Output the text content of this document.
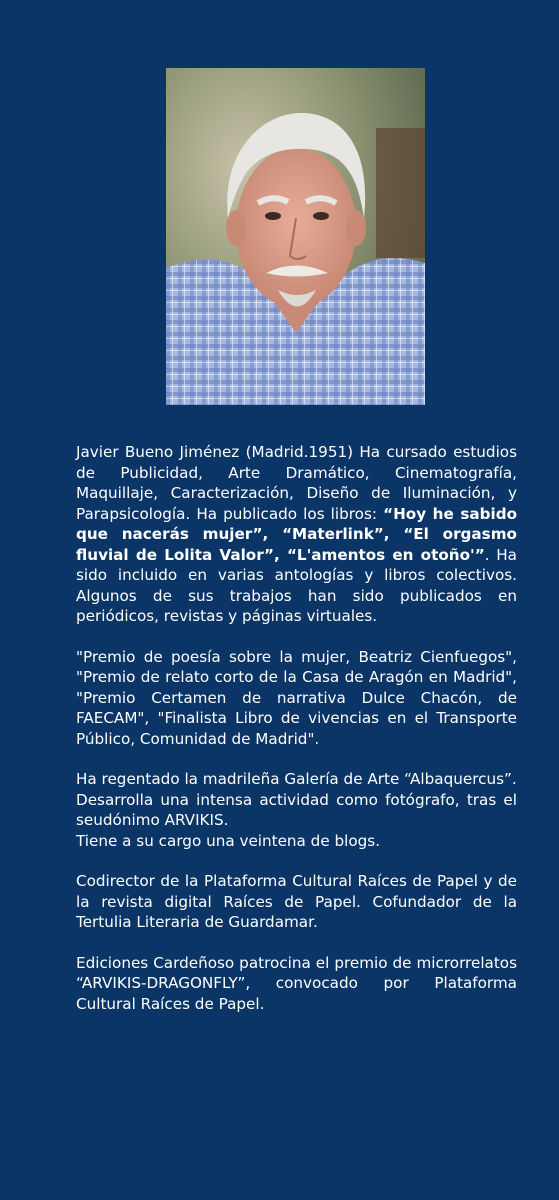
Javier Bueno Jiménez (Madrid.1951) Ha cursado estudios de Publicidad, Arte Dramático, Cinematografía, Maquillaje, Caracterización, Diseño de Iluminación, y Parapsicología. Ha publicado los libros: “Hoy he sabido que nacerás mujer”, “Materlink”, “El orgasmo fluvial de Lolita Valor”, “L'amentos en otoño'”. Ha sido incluido en varias antologías y libros colectivos. Algunos de sus trabajos han sido publicados en periódicos, revistas y páginas virtuales.

"Premio de poesía sobre la mujer, Beatriz Cienfuegos", "Premio de relato corto de la Casa de Aragón en Madrid", "Premio Certamen de narrativa Dulce Chacón, de FAECAM", "Finalista Libro de vivencias en el Transporte Público, Comunidad de Madrid".

Ha regentado la madrileña Galería de Arte “Albaquercus”.

Desarrolla una intensa actividad como fotógrafo, tras el seudónimo ARVIKIS.

Tiene a su cargo una veintena de blogs.

Codirector de la Plataforma Cultural Raíces de Papel y de la revista digital Raíces de Papel. Cofundador de la Tertulia Literaria de Guardamar.

Ediciones Cardeñoso patrocina el premio de microrrelatos “ARVIKIS-DRAGONFLY”, convocado por Plataforma Cultural Raíces de Papel.
